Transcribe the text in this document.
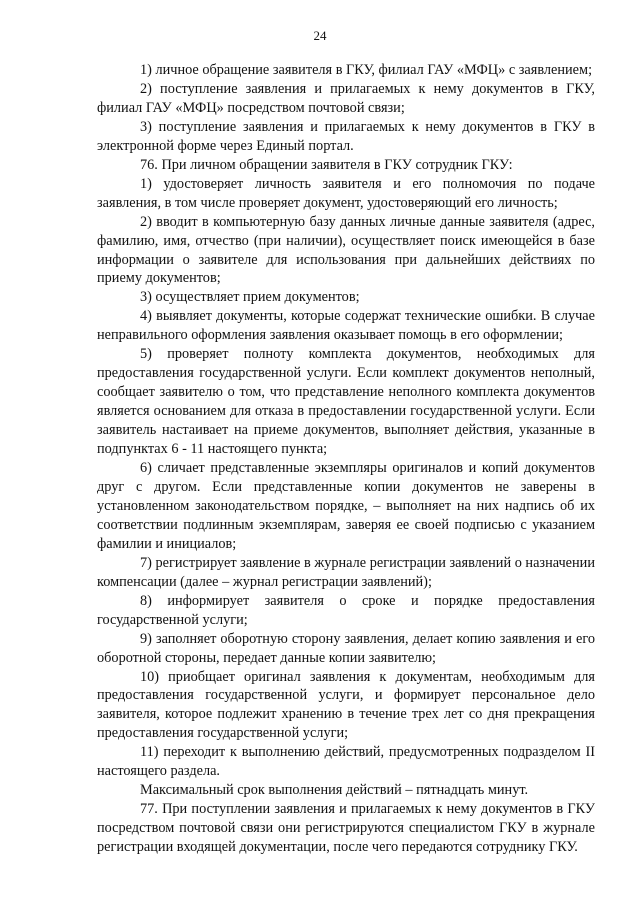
24

1) личное обращение заявителя в ГКУ, филиал ГАУ «МФЦ» с заявлением;

2) поступление заявления и прилагаемых к нему документов в ГКУ, филиал ГАУ «МФЦ» посредством почтовой связи;

3) поступление заявления и прилагаемых к нему документов в ГКУ в электронной форме через Единый портал.

76. При личном обращении заявителя в ГКУ сотрудник ГКУ:

1) удостоверяет личность заявителя и его полномочия по подаче заявления, в том числе проверяет документ, удостоверяющий его личность;

2) вводит в компьютерную базу данных личные данные заявителя (адрес, фамилию, имя, отчество (при наличии), осуществляет поиск имеющейся в базе информации о заявителе для использования при дальнейших действиях по приему документов;

3) осуществляет прием документов;

4) выявляет документы, которые содержат технические ошибки. В случае неправильного оформления заявления оказывает помощь в его оформлении;

5) проверяет полноту комплекта документов, необходимых для предоставления государственной услуги. Если комплект документов неполный, сообщает заявителю о том, что представление неполного комплекта документов является основанием для отказа в предоставлении государственной услуги. Если заявитель настаивает на приеме документов, выполняет действия, указанные в подпунктах 6 - 11 настоящего пункта;

6) сличает представленные экземпляры оригиналов и копий документов друг с другом. Если представленные копии документов не заверены в установленном законодательством порядке, – выполняет на них надпись об их соответствии подлинным экземплярам, заверяя ее своей подписью с указанием фамилии и инициалов;

7) регистрирует заявление в журнале регистрации заявлений о назначении компенсации (далее – журнал регистрации заявлений);

8) информирует заявителя о сроке и порядке предоставления государственной услуги;

9) заполняет оборотную сторону заявления, делает копию заявления и его оборотной стороны, передает данные копии заявителю;

10) приобщает оригинал заявления к документам, необходимым для предоставления государственной услуги, и формирует персональное дело заявителя, которое подлежит хранению в течение трех лет со дня прекращения предоставления государственной услуги;

11) переходит к выполнению действий, предусмотренных подразделом II настоящего раздела.

Максимальный срок выполнения действий – пятнадцать минут.

77. При поступлении заявления и прилагаемых к нему документов в ГКУ посредством почтовой связи они регистрируются специалистом ГКУ в журнале регистрации входящей документации, после чего передаются сотруднику ГКУ.
